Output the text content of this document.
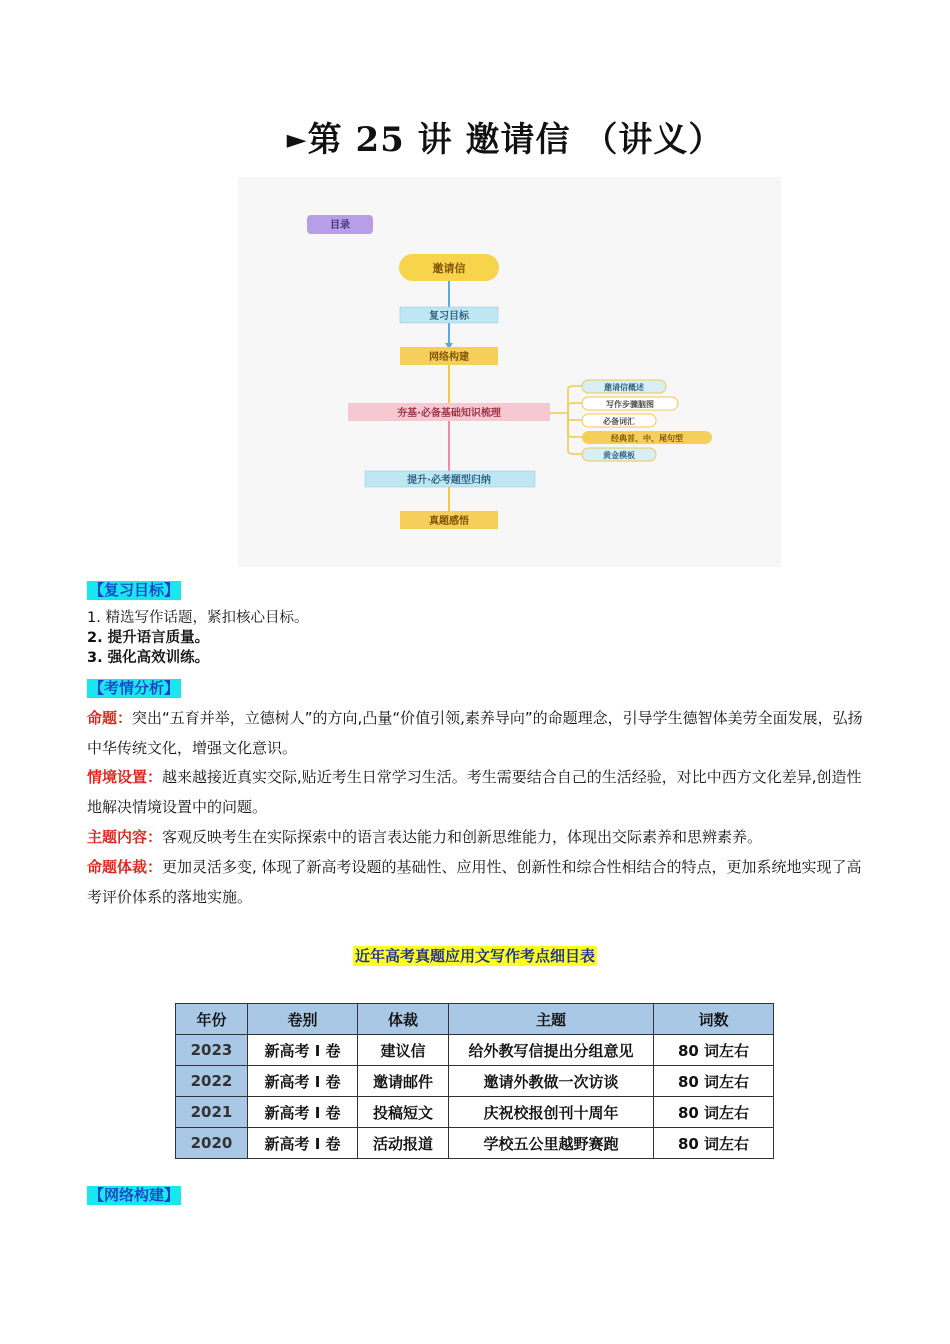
►第 25 讲 邀请信 （讲义）
目录
邀请信
复习目标
网络构建
夯基·必备基础知识梳理
提升·必考题型归纳
真题感悟
邀请信概述
写作步骤脑图
必备词汇
经典首、中、尾句型
黄金模板
【复习目标】
1. 精选写作话题，紧扣核心目标。
2. 提升语言质量。
3. 强化高效训练。
【考情分析】
命题：突出“五育并举，立德树人”的方向,凸量“价值引领,素养导向”的命题理念，引导学生德智体美劳全面发展，弘扬中华传统文化，增强文化意识。
情境设置：越来越接近真实交际,贴近考生日常学习生活。考生需要结合自己的生活经验，对比中西方文化差异,创造性地解决情境设置中的问题。
主题内容：客观反映考生在实际探索中的语言表达能力和创新思维能力，体现出交际素养和思辨素养。
命题体裁：更加灵活多变, 体现了新高考设题的基础性、应用性、创新性和综合性相结合的特点，更加系统地实现了高考评价体系的落地实施。
近年高考真题应用文写作考点细目表
年份	卷别	体裁	主题	词数
2023	新高考 I 卷	建议信	给外教写信提出分组意见	80 词左右
2022	新高考 I 卷	邀请邮件	邀请外教做一次访谈	80 词左右
2021	新高考 I 卷	投稿短文	庆祝校报创刊十周年	80 词左右
2020	新高考 I 卷	活动报道	学校五公里越野赛跑	80 词左右
【网络构建】
